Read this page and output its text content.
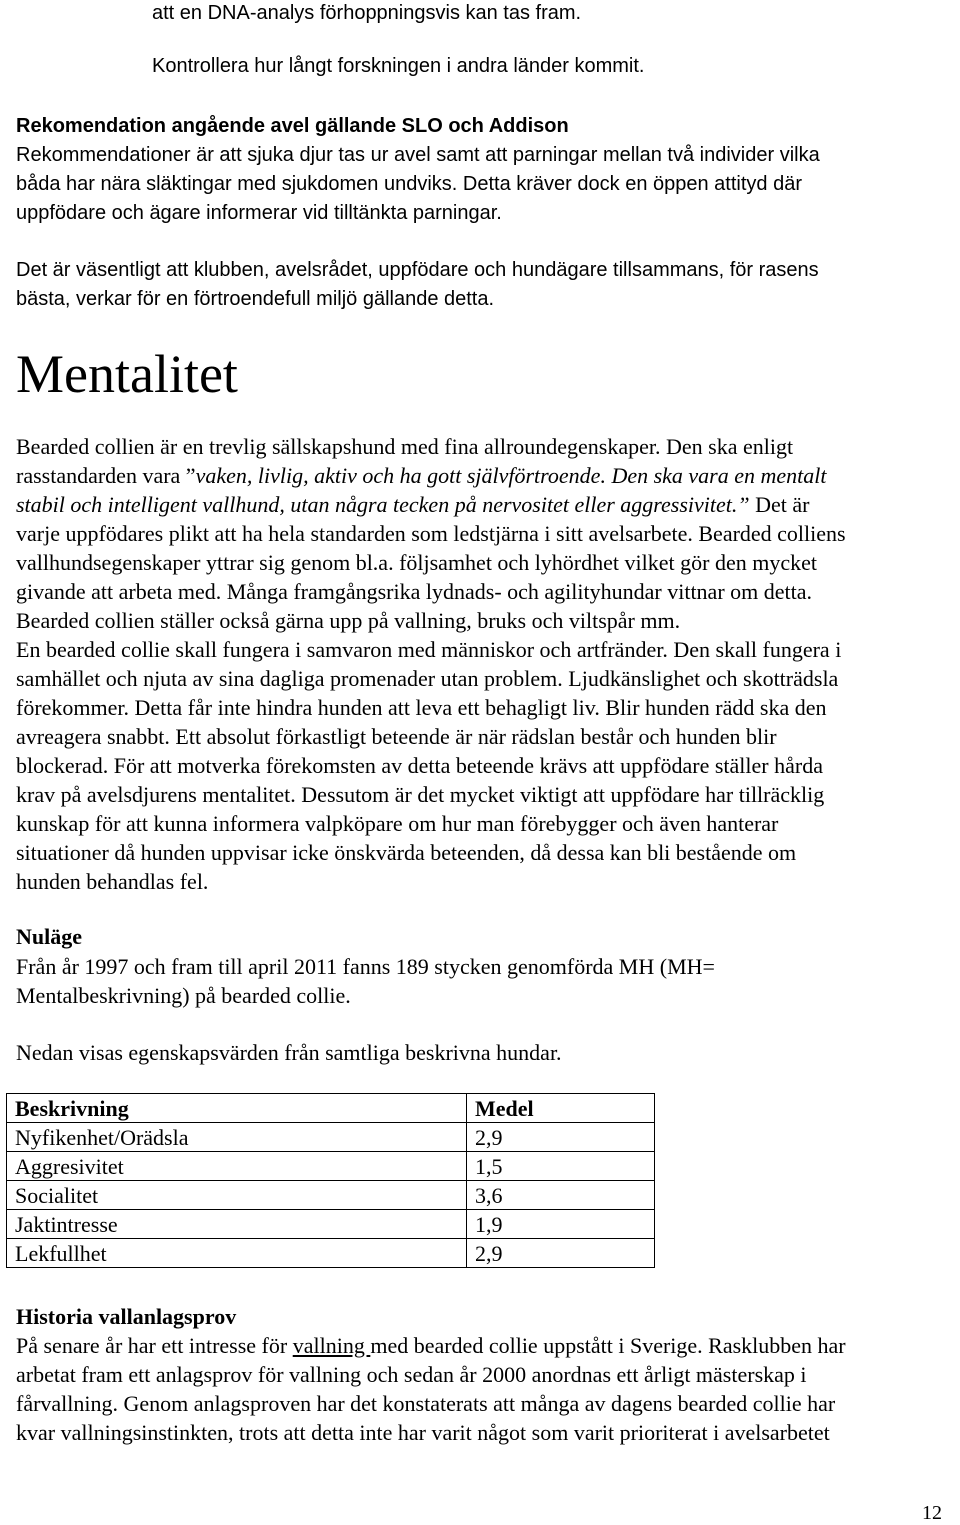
att en DNA-analys förhoppningsvis kan tas fram.
Kontrollera hur långt forskningen i andra länder kommit.
Rekomendation angående avel gällande SLO och Addison
Rekommendationer är att sjuka djur tas ur avel samt att parningar mellan två individer vilka
båda har nära släktingar med sjukdomen undviks. Detta kräver dock en öppen attityd där
uppfödare och ägare informerar vid tilltänkta parningar.
Det är väsentligt att klubben, avelsrådet, uppfödare och hundägare tillsammans, för rasens
bästa, verkar för en förtroendefull miljö gällande detta.
Mentalitet
Bearded collien är en trevlig sällskapshund med fina allroundegenskaper. Den ska enligt
rasstandarden vara ”vaken, livlig, aktiv och ha gott självförtroende. Den ska vara en mentalt
stabil och intelligent vallhund, utan några tecken på nervositet eller aggressivitet.” Det är
varje uppfödares plikt att ha hela standarden som ledstjärna i sitt avelsarbete. Bearded colliens
vallhundsegenskaper yttrar sig genom bl.a. följsamhet och lyhördhet vilket gör den mycket
givande att arbeta med. Många framgångsrika lydnads- och agilityhundar vittnar om detta.
Bearded collien ställer också gärna upp på vallning, bruks och viltspår mm.
En bearded collie skall fungera i samvaron med människor och artfränder. Den skall fungera i
samhället och njuta av sina dagliga promenader utan problem. Ljudkänslighet och skotträdsla
förekommer. Detta får inte hindra hunden att leva ett behagligt liv. Blir hunden rädd ska den
avreagera snabbt. Ett absolut förkastligt beteende är när rädslan består och hunden blir
blockerad. För att motverka förekomsten av detta beteende krävs att uppfödare ställer hårda
krav på avelsdjurens mentalitet. Dessutom är det mycket viktigt att uppfödare har tillräcklig
kunskap för att kunna informera valpköpare om hur man förebygger och även hanterar
situationer då hunden uppvisar icke önskvärda beteenden, då dessa kan bli bestående om
hunden behandlas fel.
Nuläge
Från år 1997 och fram till april 2011 fanns 189 stycken genomförda MH (MH=
Mentalbeskrivning) på bearded collie.
Nedan visas egenskapsvärden från samtliga beskrivna hundar.
Beskrivning	Medel
Nyfikenhet/Orädsla	2,9
Aggresivitet	1,5
Socialitet	3,6
Jaktintresse	1,9
Lekfullhet	2,9
Historia vallanlagsprov
På senare år har ett intresse för vallning med bearded collie uppstått i Sverige. Rasklubben har
arbetat fram ett anlagsprov för vallning och sedan år 2000 anordnas ett årligt mästerskap i
fårvallning. Genom anlagsproven har det konstaterats att många av dagens bearded collie har
kvar vallningsinstinkten, trots att detta inte har varit något som varit prioriterat i avelsarbetet
12
